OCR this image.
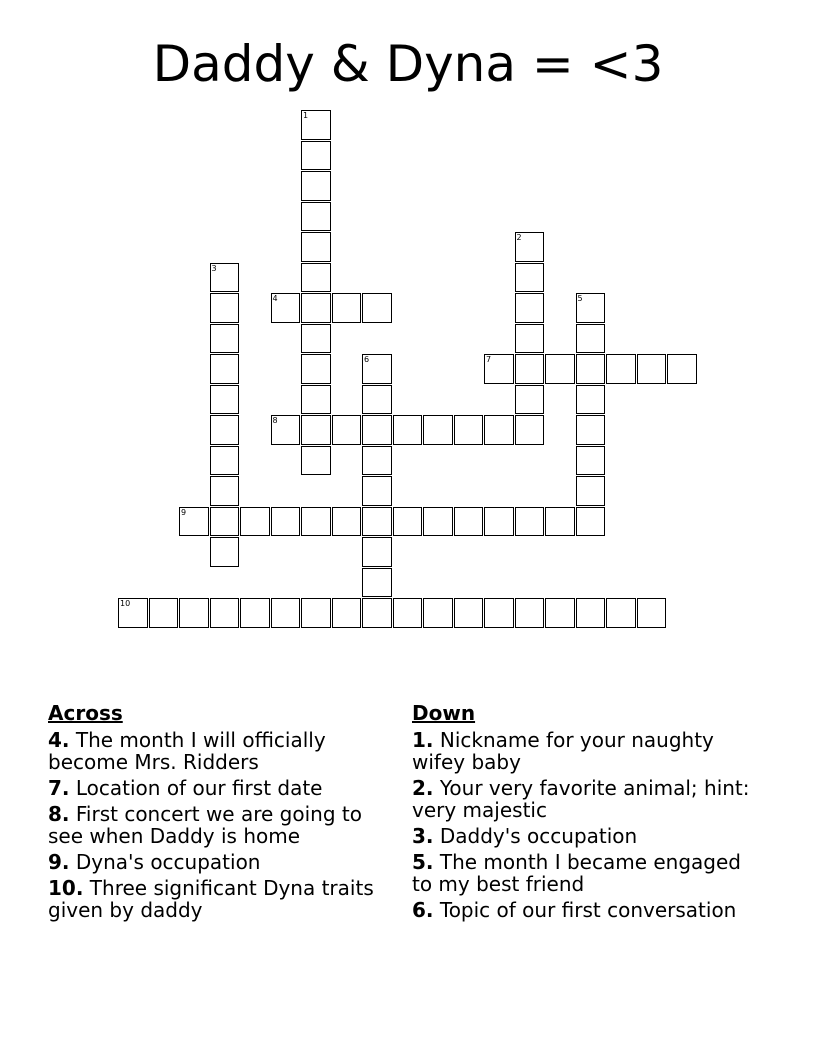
Daddy & Dyna = <3
1
2
3
4	5
6	7
8
9
10
Across
4. The month I will officially become Mrs. Ridders
7. Location of our first date
8. First concert we are going to see when Daddy is home
9. Dyna's occupation
10. Three significant Dyna traits given by daddy
Down
1. Nickname for your naughty wifey baby
2. Your very favorite animal; hint: very majestic
3. Daddy's occupation
5. The month I became engaged to my best friend
6. Topic of our first conversation
